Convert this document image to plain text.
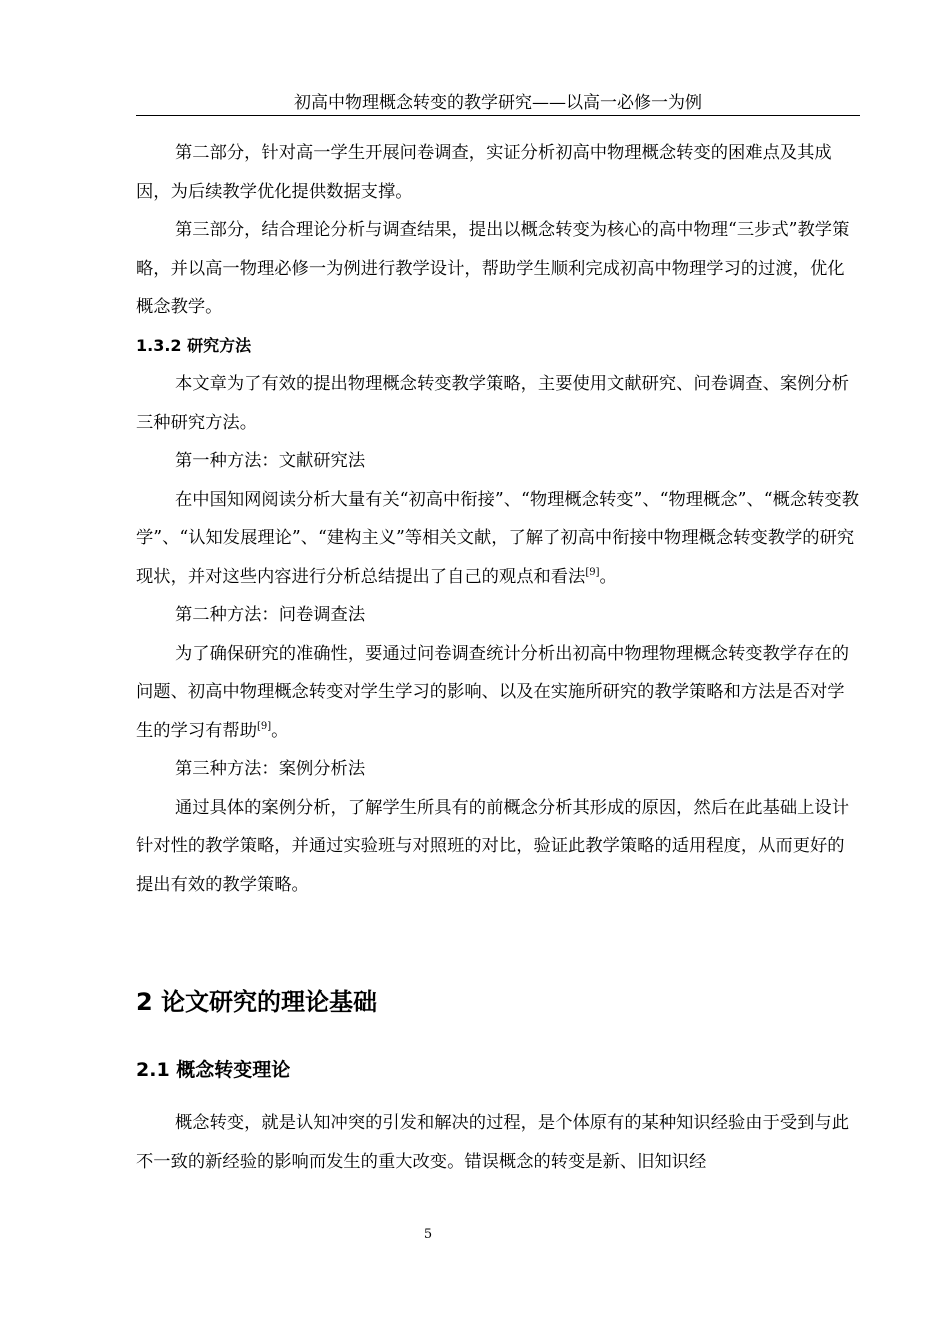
初高中物理概念转变的教学研究——以高一必修一为例

第二部分，针对高一学生开展问卷调查，实证分析初高中物理概念转变的困难点及其成因，为后续教学优化提供数据支撑。

第三部分，结合理论分析与调查结果，提出以概念转变为核心的高中物理“三步式”教学策略，并以高一物理必修一为例进行教学设计，帮助学生顺利完成初高中物理学习的过渡，优化概念教学。

1.3.2 研究方法

本文章为了有效的提出物理概念转变教学策略，主要使用文献研究、问卷调查、案例分析三种研究方法。

第一种方法：文献研究法

在中国知网阅读分析大量有关“初高中衔接”、“物理概念转变”、“物理概念”、“概念转变教学”、“认知发展理论”、“建构主义”等相关文献，了解了初高中衔接中物理概念转变教学的研究现状，并对这些内容进行分析总结提出了自己的观点和看法[9]。

第二种方法：问卷调查法

为了确保研究的准确性，要通过问卷调查统计分析出初高中物理物理概念转变教学存在的问题、初高中物理概念转变对学生学习的影响、以及在实施所研究的教学策略和方法是否对学生的学习有帮助[9]。

第三种方法：案例分析法

通过具体的案例分析，了解学生所具有的前概念分析其形成的原因，然后在此基础上设计针对性的教学策略，并通过实验班与对照班的对比，验证此教学策略的适用程度，从而更好的提出有效的教学策略。

2 论文研究的理论基础
2.1 概念转变理论

概念转变，就是认知冲突的引发和解决的过程，是个体原有的某种知识经验由于受到与此不一致的新经验的影响而发生的重大改变。错误概念的转变是新、旧知识经

5
